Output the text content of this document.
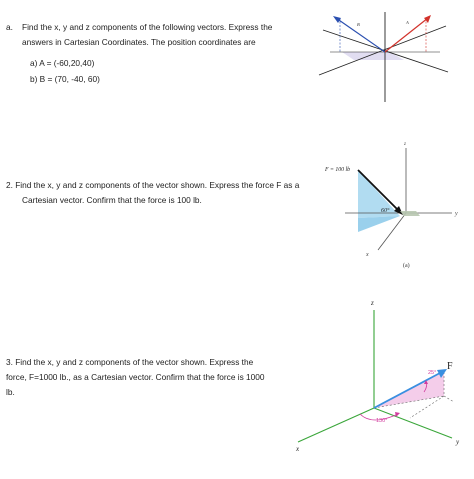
a. Find the x, y and z components of the following vectors. Express the
answers in Cartesian Coordinates. The position coordinates are
a) A = (-60,20,40)
b) B = (70, -40, 60)
B	A
2. Find the x, y and z components of the vector shown. Express the force F as a
Cartesian vector. Confirm that the force is 100 lb.
F = 100 lb
60°
45°
z
y
x
(a)
3. Find the x, y and z components of the vector shown. Express the
force, F=1000 lb., as a Cartesian vector. Confirm that the force is 1000
lb.
z
y
x
F
25°
130°
